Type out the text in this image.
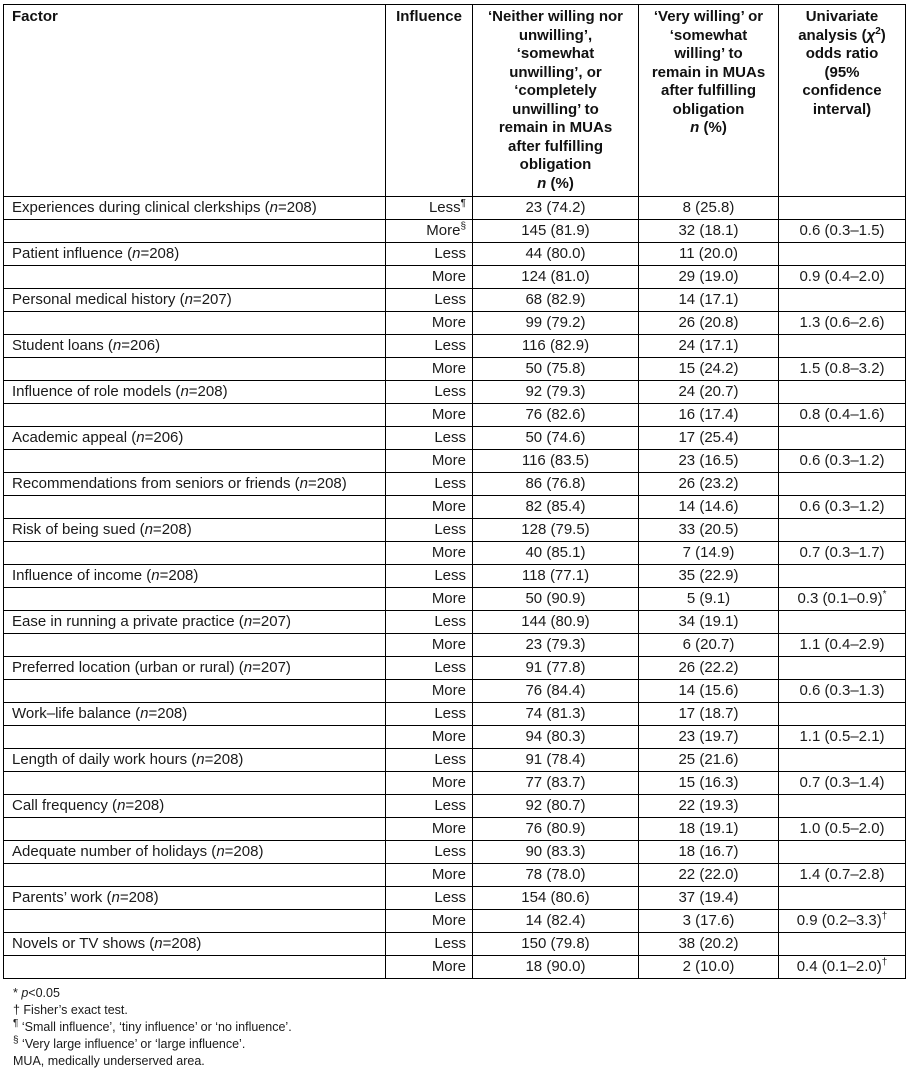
Factor	Influence	‘Neither willing nor
unwilling’,
‘somewhat
unwilling’, or
‘completely
unwilling’ to
remain in MUAs
after fulfilling
obligation
n (%)

‘Very willing’ or
‘somewhat
willing’ to
remain in MUAs
after fulfilling
obligation
n (%)

Univariate
analysis $(\chi^2)$
odds ratio
(95%
confidence
interval)

Experiences during clinical clerkships (n=208)	Less¶	23 (74.2)	8 (25.8)	
	More§	145 (81.9)	32 (18.1)	0.6 (0.3–1.5)
Patient influence (n=208)	Less	44 (80.0)	11 (20.0)	
	More	124 (81.0)	29 (19.0)	0.9 (0.4–2.0)
Personal medical history (n=207)	Less	68 (82.9)	14 (17.1)	
	More	99 (79.2)	26 (20.8)	1.3 (0.6–2.6)
Student loans (n=206)	Less	116 (82.9)	24 (17.1)	
	More	50 (75.8)	15 (24.2)	1.5 (0.8–3.2)
Influence of role models (n=208)	Less	92 (79.3)	24 (20.7)	
	More	76 (82.6)	16 (17.4)	0.8 (0.4–1.6)
Academic appeal (n=206)	Less	50 (74.6)	17 (25.4)	
	More	116 (83.5)	23 (16.5)	0.6 (0.3–1.2)
Recommendations from seniors or friends (n=208)	Less	86 (76.8)	26 (23.2)	
	More	82 (85.4)	14 (14.6)	0.6 (0.3–1.2)
Risk of being sued (n=208)	Less	128 (79.5)	33 (20.5)	
	More	40 (85.1)	7 (14.9)	0.7 (0.3–1.7)
Influence of income (n=208)	Less	118 (77.1)	35 (22.9)	
	More	50 (90.9)	5 (9.1)	0.3 (0.1–0.9)*
Ease in running a private practice (n=207)	Less	144 (80.9)	34 (19.1)	
	More	23 (79.3)	6 (20.7)	1.1 (0.4–2.9)
Preferred location (urban or rural) (n=207)	Less	91 (77.8)	26 (22.2)	
	More	76 (84.4)	14 (15.6)	0.6 (0.3–1.3)
Work–life balance (n=208)	Less	74 (81.3)	17 (18.7)	
	More	94 (80.3)	23 (19.7)	1.1 (0.5–2.1)
Length of daily work hours (n=208)	Less	91 (78.4)	25 (21.6)	
	More	77 (83.7)	15 (16.3)	0.7 (0.3–1.4)
Call frequency (n=208)	Less	92 (80.7)	22 (19.3)	
	More	76 (80.9)	18 (19.1)	1.0 (0.5–2.0)
Adequate number of holidays (n=208)	Less	90 (83.3)	18 (16.7)	
	More	78 (78.0)	22 (22.0)	1.4 (0.7–2.8)
Parents’ work (n=208)	Less	154 (80.6)	37 (19.4)	
	More	14 (82.4)	3 (17.6)	0.9 (0.2–3.3)†
Novels or TV shows (n=208)	Less	150 (79.8)	38 (20.2)	
	More	18 (90.0)	2 (10.0)	0.4 (0.1–2.0)†
* p<0.05
† Fisher’s exact test.
¶ ‘Small influence’, ‘tiny influence’ or ‘no influence’.
§ ‘Very large influence’ or ‘large influence’.
MUA, medically underserved area.
